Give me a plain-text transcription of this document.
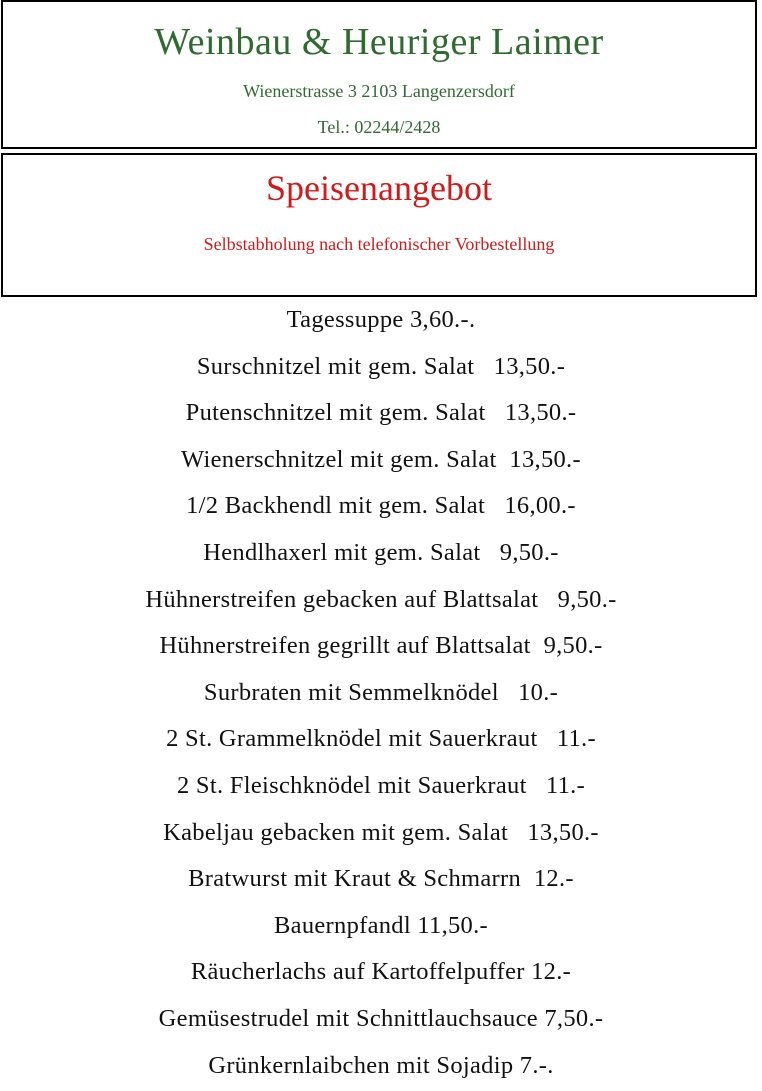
Weinbau & Heuriger Laimer
Wienerstrasse 3 2103 Langenzersdorf
Tel.: 02244/2428
Speisenangebot
Selbstabholung nach telefonischer Vorbestellung
Tagessuppe 3,60.-.
Surschnitzel mit gem. Salat   13,50.-
Putenschnitzel mit gem. Salat   13,50.-
Wienerschnitzel mit gem. Salat  13,50.-
1/2 Backhendl mit gem. Salat   16,00.-
Hendlhaxerl mit gem. Salat   9,50.-
Hühnerstreifen gebacken auf Blattsalat   9,50.-
Hühnerstreifen gegrillt auf Blattsalat  9,50.-
Surbraten mit Semmelknödel   10.-
2 St. Grammelknödel mit Sauerkraut   11.-
2 St. Fleischknödel mit Sauerkraut   11.-
Kabeljau gebacken mit gem. Salat   13,50.-
Bratwurst mit Kraut & Schmarrn  12.-
Bauernpfandl 11,50.-
Räucherlachs auf Kartoffelpuffer 12.-
Gemüsestrudel mit Schnittlauchsauce 7,50.-
Grünkernlaibchen mit Sojadip 7.-.
